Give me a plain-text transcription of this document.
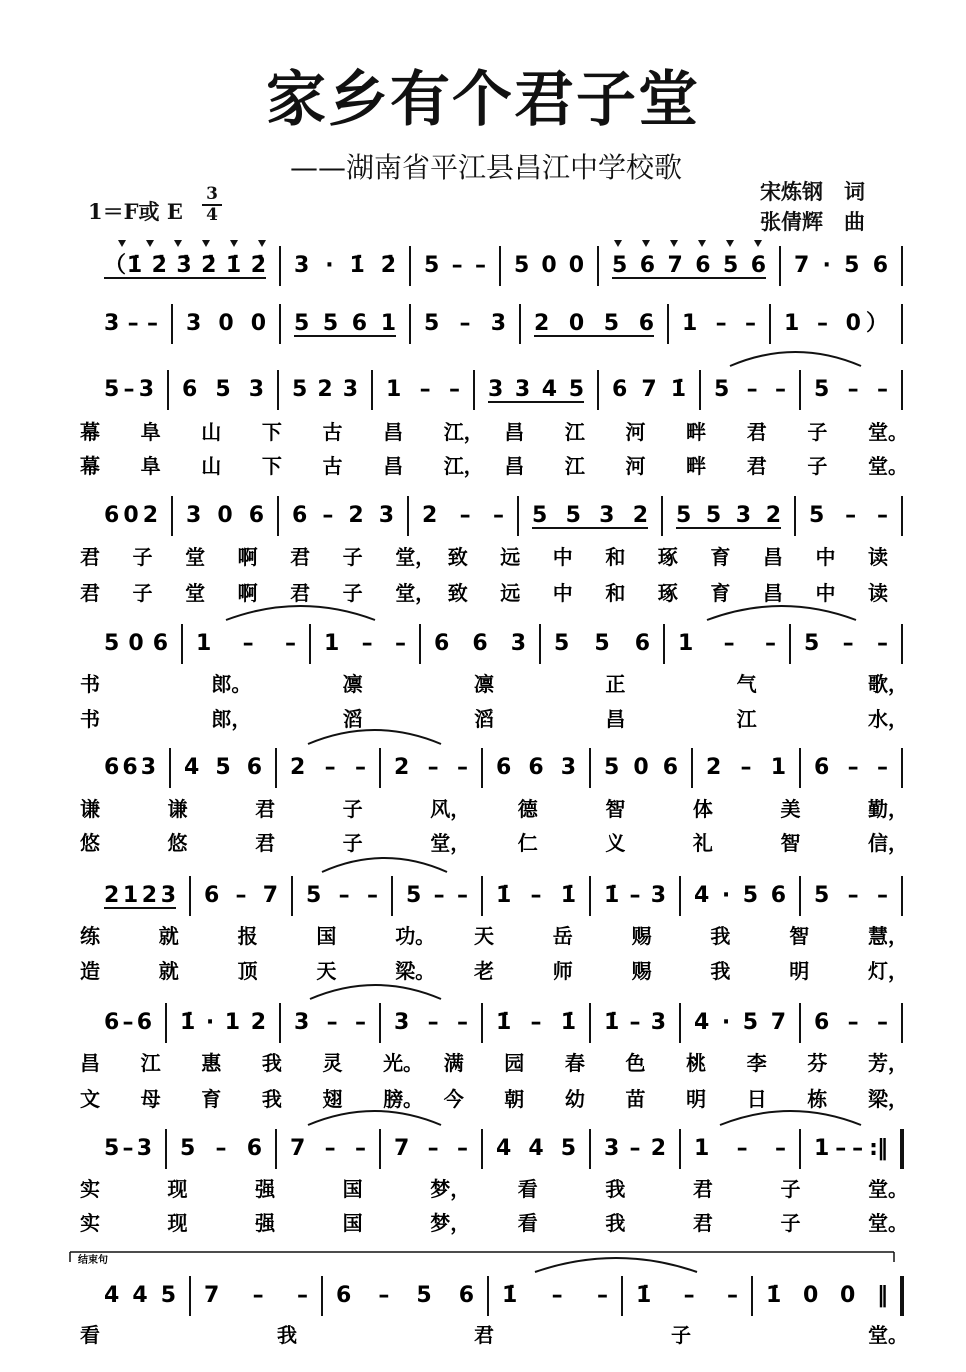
家乡有个君子堂
——湖南省平江县昌江中学校歌
宋炼钢　词
张倩辉　曲
1＝F或 E
3
4
（1̇ 2̇ 3̇ 2̇ 1̇ 2̇ 3 · 1̇ 2̇ 5 – – 5 0 0 5 6 7 6 5 6 7 · 5 6
3 – – 3 0 0 5 5 6 1 5 – 3 2 0 5 6 1 – – 1 – 0）
5 – 3 6 5 3 5 2 3 1 – – 3 3 4 5 6 7 1̇ 5 – – 5 – –
幕 阜 山 下 古 昌 江， 昌 江 河 畔 君 子 堂。
幕 阜 山 下 古 昌 江， 昌 江 河 畔 君 子 堂。
6 0 2 3 0 6 6 – 2 3 2 – – 5 5 3 2 5 5 3 2 5 – –
君 子 堂 啊 君 子 堂， 致 远 中 和 琢 育 昌 中 读
君 子 堂 啊 君 子 堂， 致 远 中 和 琢 育 昌 中 读
5 0 6 1 – – 1 – – 6 6 3 5 5 6 1 – – 5 – –
书	郎。	凛	凛	正	气	歌，
书	郎，	滔	滔	昌	江	水，
6 6 3 4 5 6 2 – – 2 – – 6 6 3 5 0 6 2 – 1 6 – –
谦	谦	君	子	风， 德	智	体	美	勤，
悠	悠	君	子	堂， 仁	义	礼	智	信，
2 1 2 3 6 – 7 5 – – 5 – – 1̇ – 1̇ 1̇ – 3 4 · 5 6 5 – –
练	就	报	国	功。 天	岳	赐	我	智	慧，
造	就	顶	天	梁。 老	师	赐	我	明	灯，
6 – 6 1̇ · 1 2 3 – – 3 – – 1̇ – 1̇ 1̇ – 3 4 · 5 7 6 – –
昌 江 惠 我 灵 光。 满 园 春 色 桃 李 芬 芳，
文 母 育 我 翅 膀。 今 朝 幼 苗 明 日 栋 梁，
5 – 3 5 – 6 7 – – 7 – – 4 4 5 3 – 2 1 – – 1 – – :‖
实	现	强	国	梦， 看	我	君	子	堂。
实	现	强	国	梦， 看	我	君	子	堂。
4 4 5 7 – – 6 – 5 6 1̇ – – 1̇ – – 1̇ 0 0 ‖
看	我	君	子	堂。
结束句
